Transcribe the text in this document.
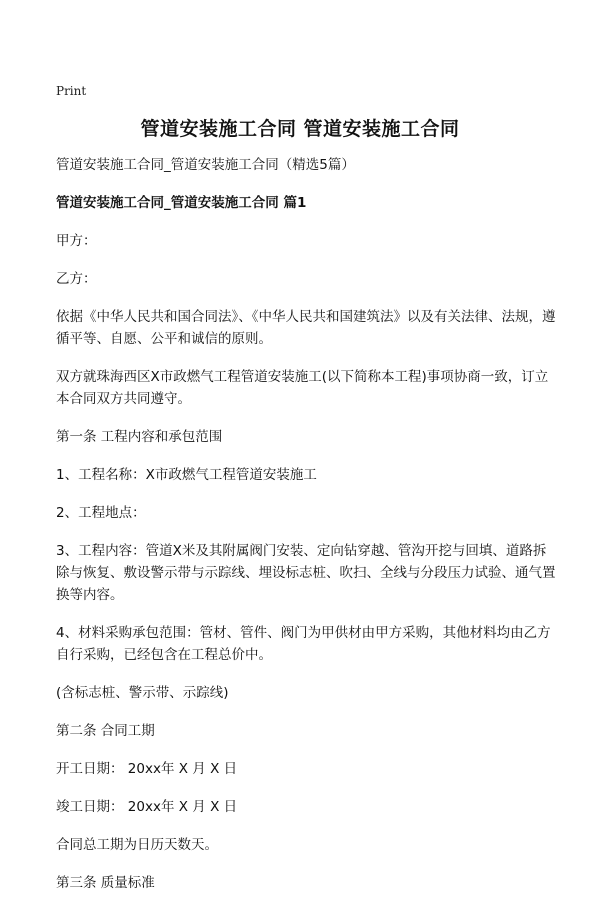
Print
管道安装施工合同 管道安装施工合同

管道安装施工合同_管道安装施工合同（精选5篇）

管道安装施工合同_管道安装施工合同 篇1

甲方：

乙方：

依据《中华人民共和国合同法》、《中华人民共和国建筑法》以及有关法律、法规，遵循平等、自愿、公平和诚信的原则。

双方就珠海西区X市政燃气工程管道安装施工(以下简称本工程)事项协商一致，订立本合同双方共同遵守。

第一条 工程内容和承包范围

1、工程名称：X市政燃气工程管道安装施工

2、工程地点：

3、工程内容：管道X米及其附属阀门安装、定向钻穿越、管沟开挖与回填、道路拆除与恢复、敷设警示带与示踪线、埋设标志桩、吹扫、全线与分段压力试验、通气置换等内容。

4、材料采购承包范围：管材、管件、阀门为甲供材由甲方采购，其他材料均由乙方自行采购，已经包含在工程总价中。

(含标志桩、警示带、示踪线)

第二条 合同工期

开工日期： 20xx年 X 月 X 日

竣工日期： 20xx年 X 月 X 日

合同总工期为日历天数天。

第三条 质量标准
